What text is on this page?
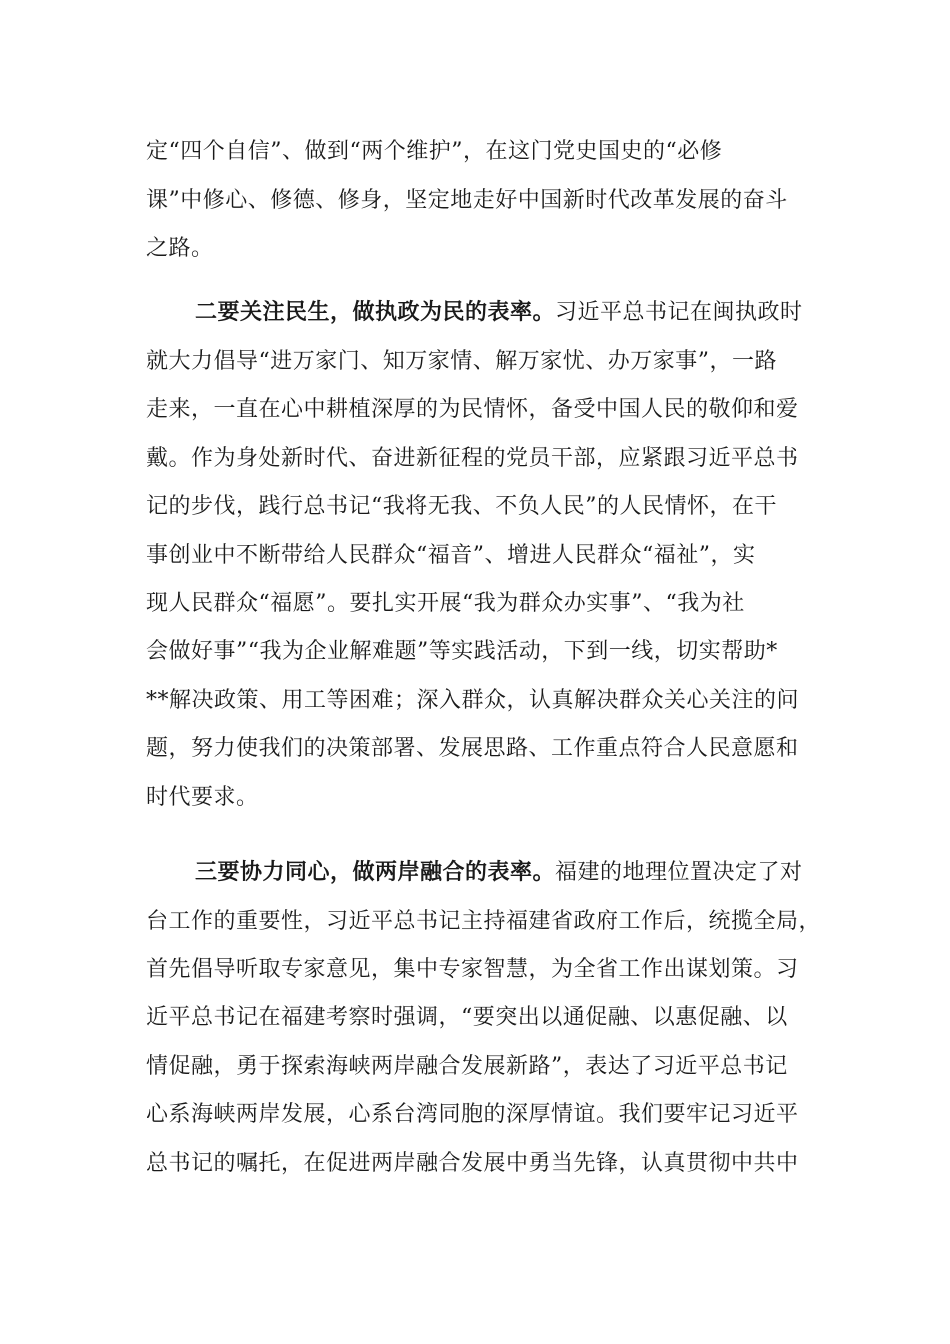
定“四个自信”、做到“两个维护”，在这门党史国史的“必修
课”中修心、修德、修身，坚定地走好中国新时代改革发展的奋斗
之路。
二要关注民生，做执政为民的表率。习近平总书记在闽执政时
就大力倡导“进万家门、知万家情、解万家忧、办万家事”，一路
走来，一直在心中耕植深厚的为民情怀，备受中国人民的敬仰和爱
戴。作为身处新时代、奋进新征程的党员干部，应紧跟习近平总书
记的步伐，践行总书记“我将无我、不负人民”的人民情怀，在干
事创业中不断带给人民群众“福音”、增进人民群众“福祉”，实
现人民群众“福愿”。要扎实开展“我为群众办实事”、“我为社
会做好事”“我为企业解难题”等实践活动，下到一线，切实帮助*
**解决政策、用工等困难；深入群众，认真解决群众关心关注的问
题，努力使我们的决策部署、发展思路、工作重点符合人民意愿和
时代要求。
三要协力同心，做两岸融合的表率。福建的地理位置决定了对
台工作的重要性，习近平总书记主持福建省政府工作后，统揽全局，
首先倡导听取专家意见，集中专家智慧，为全省工作出谋划策。习
近平总书记在福建考察时强调，“要突出以通促融、以惠促融、以
情促融，勇于探索海峡两岸融合发展新路”，表达了习近平总书记
心系海峡两岸发展，心系台湾同胞的深厚情谊。我们要牢记习近平
总书记的嘱托，在促进两岸融合发展中勇当先锋，认真贯彻中共中
